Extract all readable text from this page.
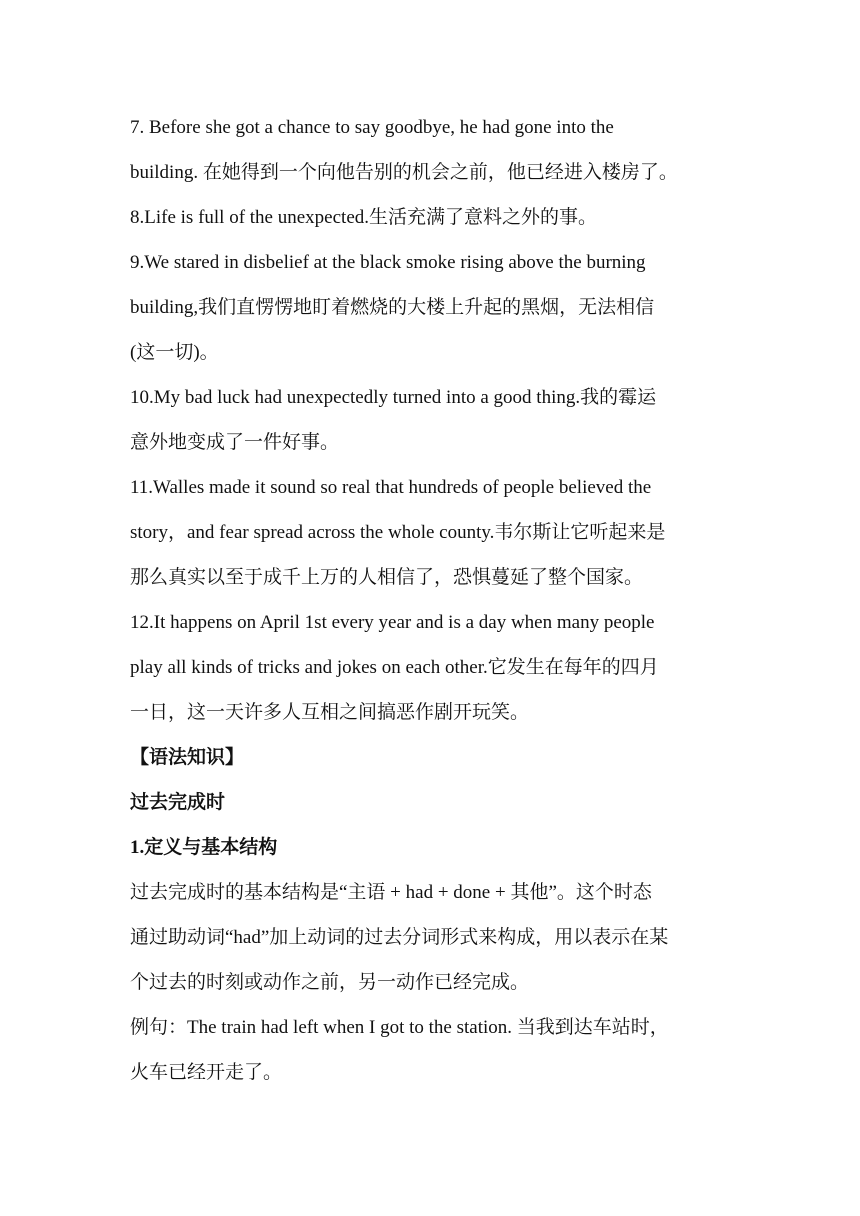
7. Before she got a chance to say goodbye, he had gone into the
building. 在她得到一个向他告别的机会之前，他已经进入楼房了。
8.Life is full of the unexpected.生活充满了意料之外的事。
9.We stared in disbelief at the black smoke rising above the burning
building,我们直愣愣地盯着燃烧的大楼上升起的黑烟，无法相信
(这一切)。
10.My bad luck had unexpectedly turned into a good thing.我的霉运
意外地变成了一件好事。
11.Walles made it sound so real that hundreds of people believed the
story，and fear spread across the whole county.韦尔斯让它听起来是
那么真实以至于成千上万的人相信了，恐惧蔓延了整个国家。
12.It happens on April 1st every year and is a day when many people
play all kinds of tricks and jokes on each other.它发生在每年的四月
一日，这一天许多人互相之间搞恶作剧开玩笑。
【语法知识】
过去完成时
1.定义与基本结构
过去完成时的基本结构是“主语 + had + done + 其他”。这个时态
通过助动词“had”加上动词的过去分词形式来构成，用以表示在某
个过去的时刻或动作之前，另一动作已经完成。
例句：The train had left when I got to the station. 当我到达车站时，
火车已经开走了。
